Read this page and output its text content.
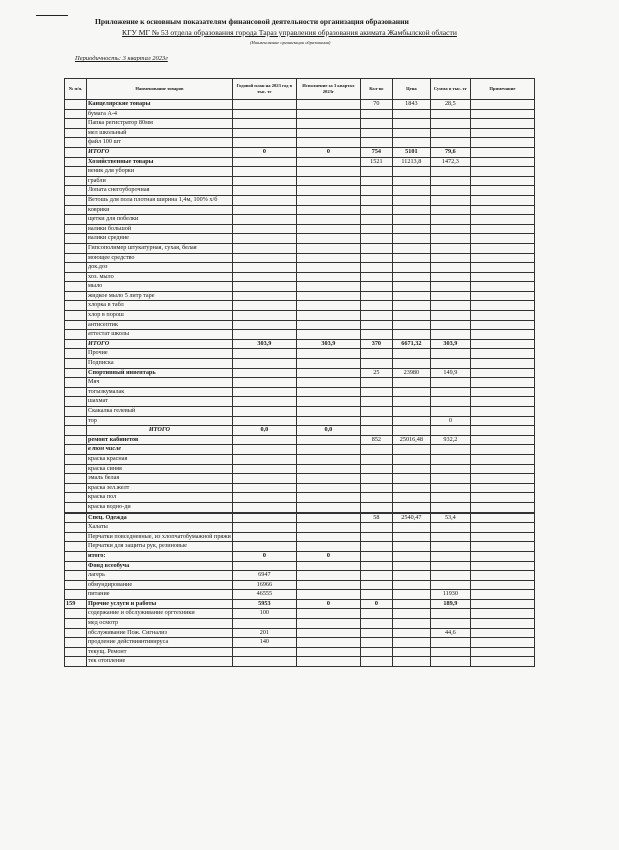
Приложение к основным показателям финансовой деятельности организация образовании
КГУ МГ № 53 отдела образования города Тараз управления образования акимата Жамбылской области
(Наименование организации образования)
Периодичность: 3 квартал 2023г
№ п/п.	Наименование товаров	Годовой план на 2023 год в тыс. тг	Исполнение за 3 квартал 2023г	Кол-во	Цена	Сумма в тыс. тг	Примечание
	Канцелярские товары			70	1843	28,5	
	бумага А-4						
	Папка регистратор 80мм						
	мел школьный						
	файл 100 шт						
	ИТОГО	0	0	754	5101	79,6	
	Хозяйственные товары			1521	11213,8	1472,3	
	веник для уборки						
	грабли						
	Лопата снегоуборочная						
	Ветошь для пола плотная ширина 1,4м, 100% х/б						
	коврики						
	щетки для побелки						
	валики большой						
	валики средние						
	Гипсополимер штукатурная, сухая, белая						
	моющее средство						
	док.доз						
	хоз. мыло						
	мыло						
	жидкое мыло 5 литр таре						
	хлорка в табл						
	хлор в порош						
	антисептик						
	аттестат школы						
	ИТОГО	303,9	303,9	370	6671,32	303,9	
	Прочие						
	Подписка						
	Спортивный инвентарь			25	23980	149,9	
	Мяч						
	тогызкумалак						
	шахмат						
	Скакалка гелевый						
	тор					0	
	ИТОГО	0,0	0,0				
	ремонт кабинетов			852	25016,48	932,2	
	в том числе						
	краска красная						
	краска синяя						
	эмаль белая						
	краска зел.желт						
	краска пол						
	краска водно-ди						

	Спец. Одежда			58	2540,47	53,4	
	Халаты						
	Перчатки повседневные, из хлопчатобумажной пряжи						
	Перчатки для защиты рук, резиновые						
	итого:	0	0				
	Фонд всеобуча						
	лагерь	6947					
	обмундирование	16966					
	питание	46555				11930	
159	Прочие услуги и работы	5953	0	0		189,9	
	содержание и обслуживание оргтехники	100					
	мед осмотр						
	обслуживание Пож. Сигнализ	201				44,6	
	продление действиянтивируса	140					
	текущ. Ремонт						
	тек отопление						
